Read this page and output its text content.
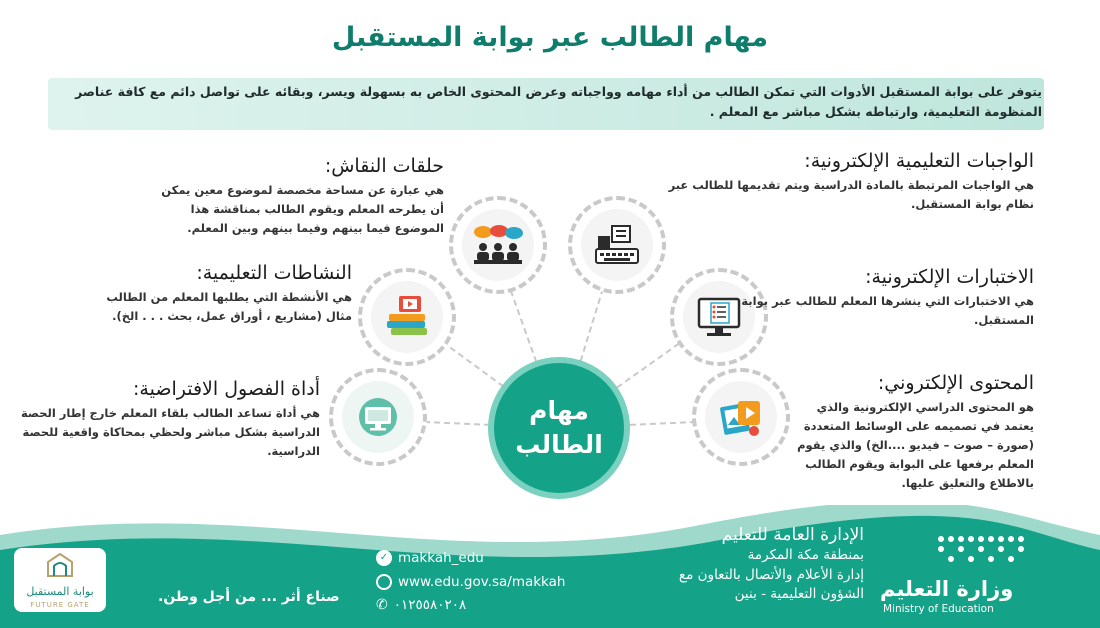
مهام الطالب عبر بوابة المستقبل
يتوفر على بوابة المستقبل الأدوات التي تمكن الطالب من أداء مهامه وواجباته وعرض المحتوى الخاص به بسهولة ويسر، وبقائه على تواصل دائم مع كافة عناصر المنظومة التعليمية، وارتباطه بشكل مباشر مع المعلم .
مهام
الطالب
الواجبات التعليمية الإلكترونية:
هي الواجبات المرتبطة بالمادة الدراسية ويتم تقديمها للطالب عبر نظام بوابة المستقبل.
الاختبارات الإلكترونية:
هي الاختبارات التي ينشرها المعلم للطالب عبر بوابة المستقبل.
المحتوى الإلكتروني:
هو المحتوى الدراسي الإلكترونية والذي يعتمد في تصميمه على الوسائط المتعددة (صورة – صوت – فيديو ....الخ) والذي يقوم المعلم برفعها على البوابة ويقوم الطالب بالاطلاع والتعليق عليها.
حلقات النقاش:
هي عبارة عن مساحة مخصصة لموضوع معين يمكن أن يطرحه المعلم ويقوم الطالب بمناقشة هذا الموضوع فيما بينهم وفيما بينهم وبين المعلم.
النشاطات التعليمية:
هي الأنشطة التي يطلبها المعلم من الطالب مثال (مشاريع ، أوراق عمل، بحث . . . الخ).
أداة الفصول الافتراضية:
هي أداة تساعد الطالب بلقاء المعلم خارج إطار الحصة الدراسية بشكل مباشر ولحظي بمحاكاة واقعية للحصة الدراسية.
وزارة التعليم
Ministry of Education
الإدارة العامة للتعليم
بمنطقة مكة المكرمة
إدارة الأعلام والأتصال بالتعاون مع
الشؤون التعليمية - بنين
✓ makkah_edu
www.edu.gov.sa/makkah
✆ ٠١٢٥٥٨٠٢٠٨
صناع أثر ... من أجل وطن.
بوابة المستقبل
FUTURE GATE
